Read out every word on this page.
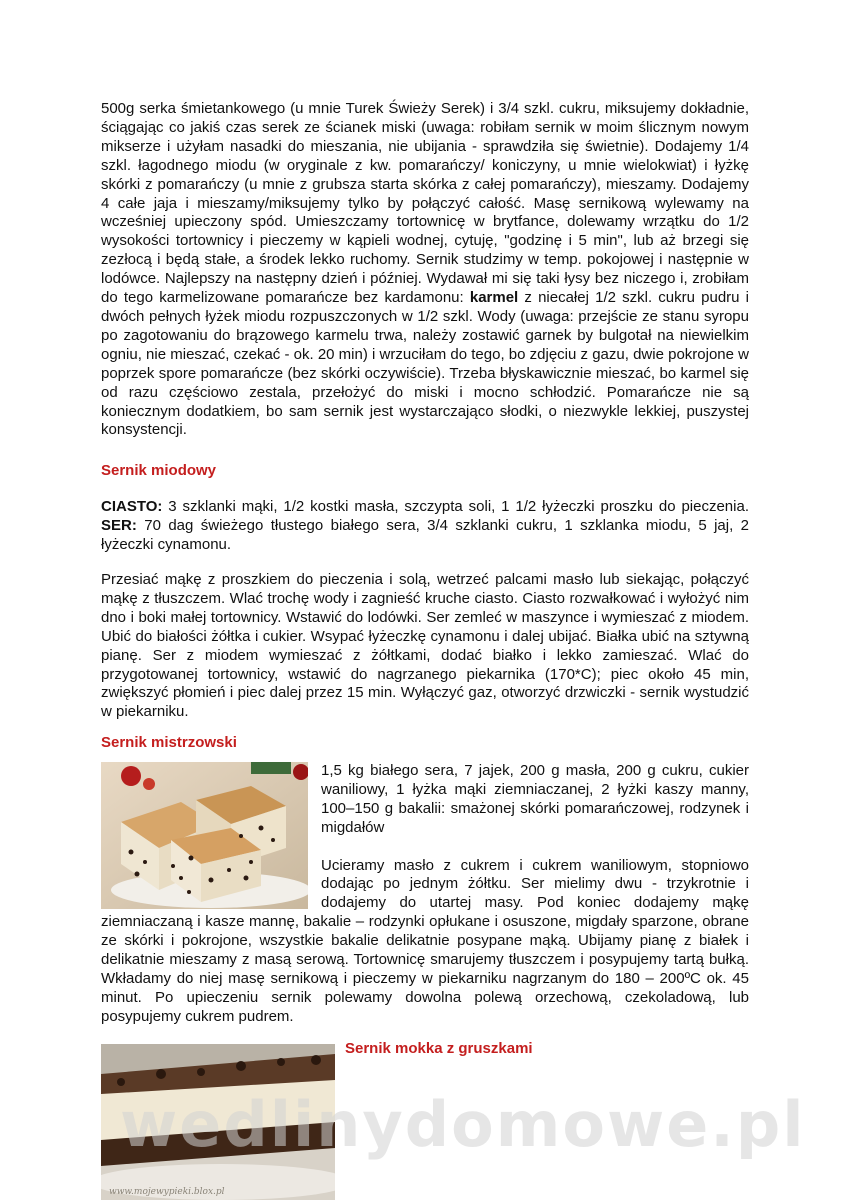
500g serka śmietankowego (u mnie Turek Świeży Serek) i 3/4 szkl. cukru, miksujemy dokładnie, ściągając co jakiś czas serek ze ścianek miski (uwaga: robiłam sernik w moim ślicznym nowym mikserze i użyłam nasadki do mieszania, nie ubijania - sprawdziła się świetnie). Dodajemy 1/4 szkl. łagodnego miodu (w oryginale z kw. pomarańczy/ koniczyny, u mnie wielokwiat) i łyżkę skórki z pomarańczy (u mnie z grubsza starta skórka z całej pomarańczy), mieszamy. Dodajemy 4 całe jaja i mieszamy/miksujemy tylko by połączyć całość. Masę sernikową wylewamy na wcześniej upieczony spód. Umieszczamy tortownicę w brytfance, dolewamy wrzątku do 1/2 wysokości tortownicy i pieczemy w kąpieli wodnej, cytuję, "godzinę i 5 min", lub aż brzegi się zezłocą i będą stałe, a środek lekko ruchomy. Sernik studzimy w temp. pokojowej i następnie w lodówce. Najlepszy na następny dzień i później. Wydawał mi się taki łysy bez niczego i, zrobiłam do tego karmelizowane pomarańcze bez kardamonu: karmel z niecałej 1/2 szkl. cukru pudru i dwóch pełnych łyżek miodu rozpuszczonych w 1/2 szkl. Wody (uwaga: przejście ze stanu syropu po zagotowaniu do brązowego karmelu trwa, należy zostawić garnek by bulgotał na niewielkim ogniu, nie mieszać, czekać - ok. 20 min) i wrzuciłam do tego, bo zdjęciu z gazu, dwie pokrojone w poprzek spore pomarańcze (bez skórki oczywiście). Trzeba błyskawicznie mieszać, bo karmel się od razu częściowo zestala, przełożyć do miski i mocno schłodzić. Pomarańcze nie są koniecznym dodatkiem, bo sam sernik jest wystarczająco słodki, o niezwykle lekkiej, puszystej konsystencji.

Sernik miodowy

CIASTO: 3 szklanki mąki, 1/2 kostki masła, szczypta soli, 1 1/2 łyżeczki proszku do pieczenia. SER: 70 dag świeżego tłustego białego sera, 3/4 szklanki cukru, 1 szklanka miodu, 5 jaj, 2 łyżeczki cynamonu.

Przesiać mąkę z proszkiem do pieczenia i solą, wetrzeć palcami masło lub siekając, połączyć mąkę z tłuszczem. Wlać trochę wody i zagnieść kruche ciasto. Ciasto rozwałkować i wyłożyć nim dno i boki małej tortownicy. Wstawić do lodówki. Ser zemleć w maszynce i wymieszać z miodem. Ubić do białości żółtka i cukier. Wsypać łyżeczkę cynamonu i dalej ubijać. Białka ubić na sztywną pianę. Ser z miodem wymieszać z żółtkami, dodać białko i lekko zamieszać. Wlać do przygotowanej tortownicy, wstawić do nagrzanego piekarnika (170*C); piec około 45 min, zwiększyć płomień i piec dalej przez 15 min. Wyłączyć gaz, otworzyć drzwiczki - sernik wystudzić w piekarniku.

Sernik mistrzowski
1,5 kg białego sera, 7 jajek, 200 g masła, 200 g cukru, cukier waniliowy, 1 łyżka mąki ziemniaczanej, 2 łyżki kaszy manny, 100–150 g bakalii: smażonej skórki pomarańczowej, rodzynek i migdałów

Ucieramy masło z cukrem i cukrem waniliowym, stopniowo dodając po jednym żółtku. Ser mielimy dwu - trzykrotnie i dodajemy do utartej masy. Pod koniec dodajemy mąkę ziemniaczaną i kasze mannę, bakalie – rodzynki opłukane i osuszone, migdały sparzone, obrane ze skórki i pokrojone, wszystkie bakalie delikatnie posypane mąką. Ubijamy pianę z białek i delikatnie mieszamy z masą serową. Tortownicę smarujemy tłuszczem i posypujemy tartą bułką. Wkładamy do niej masę sernikową i pieczemy w piekarniku nagrzanym do 180 – 200ºC ok. 45 minut. Po upieczeniu sernik polewamy dowolna polewą orzechową, czekoladową, lub posypujemy cukrem pudrem.
www.mojewypieki.blox.pl
Sernik mokka z gruszkami
wedlinydomowe.pl
